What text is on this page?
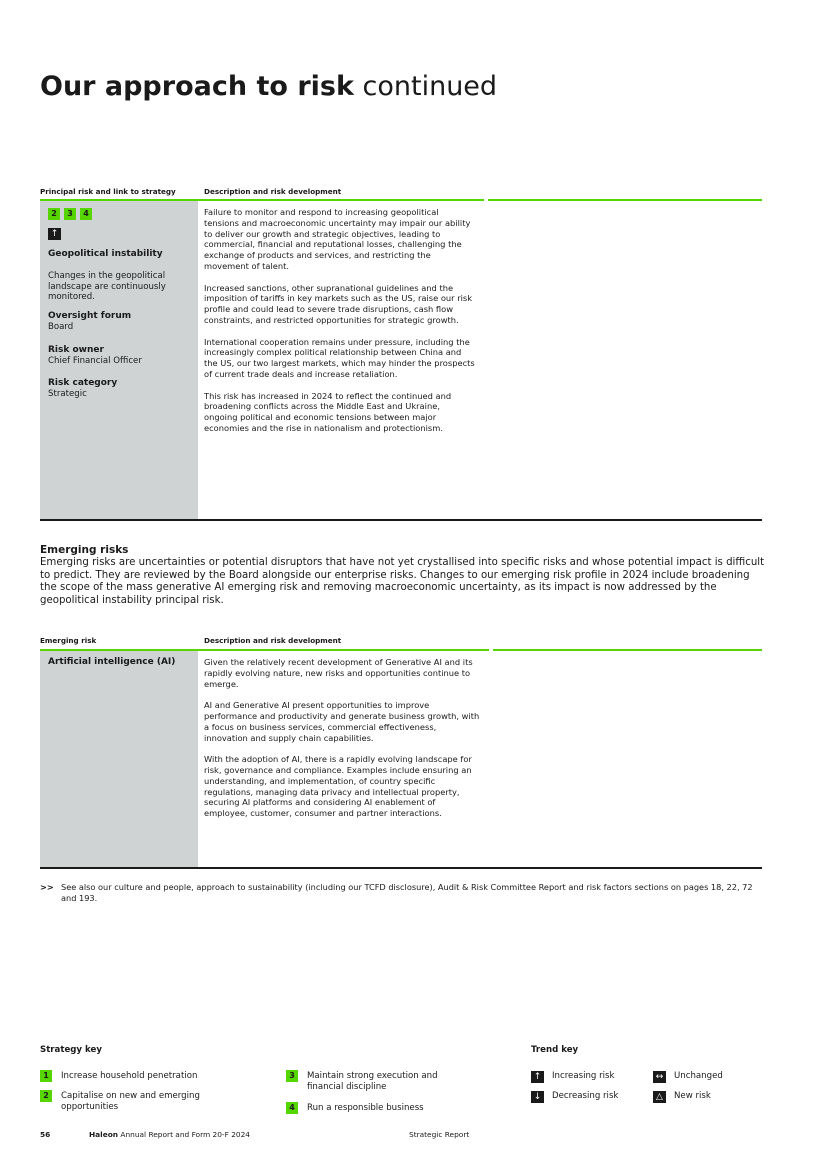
Our approach to risk continued
Principal risk and link to strategy	Description and risk development
2 3 4
↑
Geopolitical instability
Changes in the geopolitical landscape are continuously monitored.
Oversight forum
Board
Risk owner
Chief Financial Officer
Risk category
Strategic

Failure to monitor and respond to increasing geopolitical tensions and macroeconomic uncertainty may impair our ability to deliver our growth and strategic objectives, leading to commercial, financial and reputational losses, challenging the exchange of products and services, and restricting the movement of talent.

Increased sanctions, other supranational guidelines and the imposition of tariffs in key markets such as the US, raise our risk profile and could lead to severe trade disruptions, cash flow constraints, and restricted opportunities for strategic growth.

International cooperation remains under pressure, including the increasingly complex political relationship between China and the US, our two largest markets, which may hinder the prospects of current trade deals and increase retaliation.

This risk has increased in 2024 to reflect the continued and broadening conflicts across the Middle East and Ukraine, ongoing political and economic tensions between major economies and the rise in nationalism and protectionism.

Emerging risks
Emerging risks are uncertainties or potential disruptors that have not yet crystallised into specific risks and whose potential impact is difficult to predict. They are reviewed by the Board alongside our enterprise risks. Changes to our emerging risk profile in 2024 include broadening the scope of the mass generative AI emerging risk and removing macroeconomic uncertainty, as its impact is now addressed by the geopolitical instability principal risk.
Emerging risk	Description and risk development
Artificial intelligence (AI)	Given the relatively recent development of Generative AI and its rapidly evolving nature, new risks and opportunities continue to emerge.

AI and Generative AI present opportunities to improve performance and productivity and generate business growth, with a focus on business services, commercial effectiveness, innovation and supply chain capabilities.

With the adoption of AI, there is a rapidly evolving landscape for risk, governance and compliance. Examples include ensuring an understanding, and implementation, of country specific regulations, managing data privacy and intellectual property, securing AI platforms and considering AI enablement of employee, customer, consumer and partner interactions.

>> See also our culture and people, approach to sustainability (including our TCFD disclosure), Audit & Risk Committee Report and risk factors sections on pages 18, 22, 72 and 193.
Strategy key
1	Increase household penetration
2	Capitalise on new and emerging opportunities
3	Maintain strong execution and financial discipline
4	Run a responsible business
Trend key
↑	Increasing risk
↓	Decreasing risk
↔	Unchanged
△	New risk
56	Haleon Annual Report and Form 20-F 2024	Strategic Report
